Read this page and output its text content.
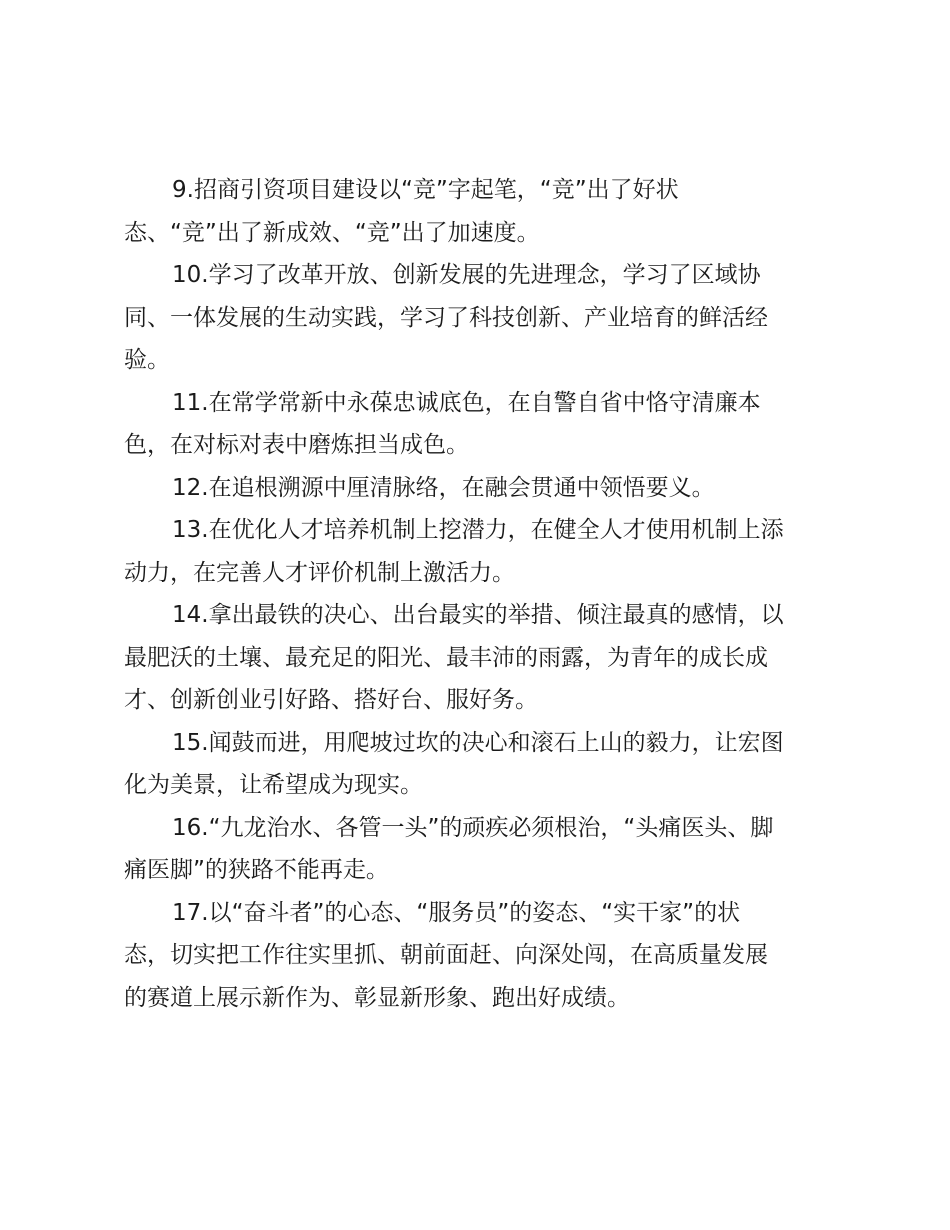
9.招商引资项目建设以“竞”字起笔，“竞”出了好状
态、“竞”出了新成效、“竞”出了加速度。

10.学习了改革开放、创新发展的先进理念，学习了区域协
同、一体发展的生动实践，学习了科技创新、产业培育的鲜活经
验。

11.在常学常新中永葆忠诚底色，在自警自省中恪守清廉本
色，在对标对表中磨炼担当成色。

12.在追根溯源中厘清脉络，在融会贯通中领悟要义。

13.在优化人才培养机制上挖潜力，在健全人才使用机制上添
动力，在完善人才评价机制上激活力。

14.拿出最铁的决心、出台最实的举措、倾注最真的感情，以
最肥沃的土壤、最充足的阳光、最丰沛的雨露，为青年的成长成
才、创新创业引好路、搭好台、服好务。

15.闻鼓而进，用爬坡过坎的决心和滚石上山的毅力，让宏图
化为美景，让希望成为现实。

16.“九龙治水、各管一头”的顽疾必须根治，“头痛医头、脚
痛医脚”的狭路不能再走。

17.以“奋斗者”的心态、“服务员”的姿态、“实干家”的状
态，切实把工作往实里抓、朝前面赶、向深处闯，在高质量发展
的赛道上展示新作为、彰显新形象、跑出好成绩。
